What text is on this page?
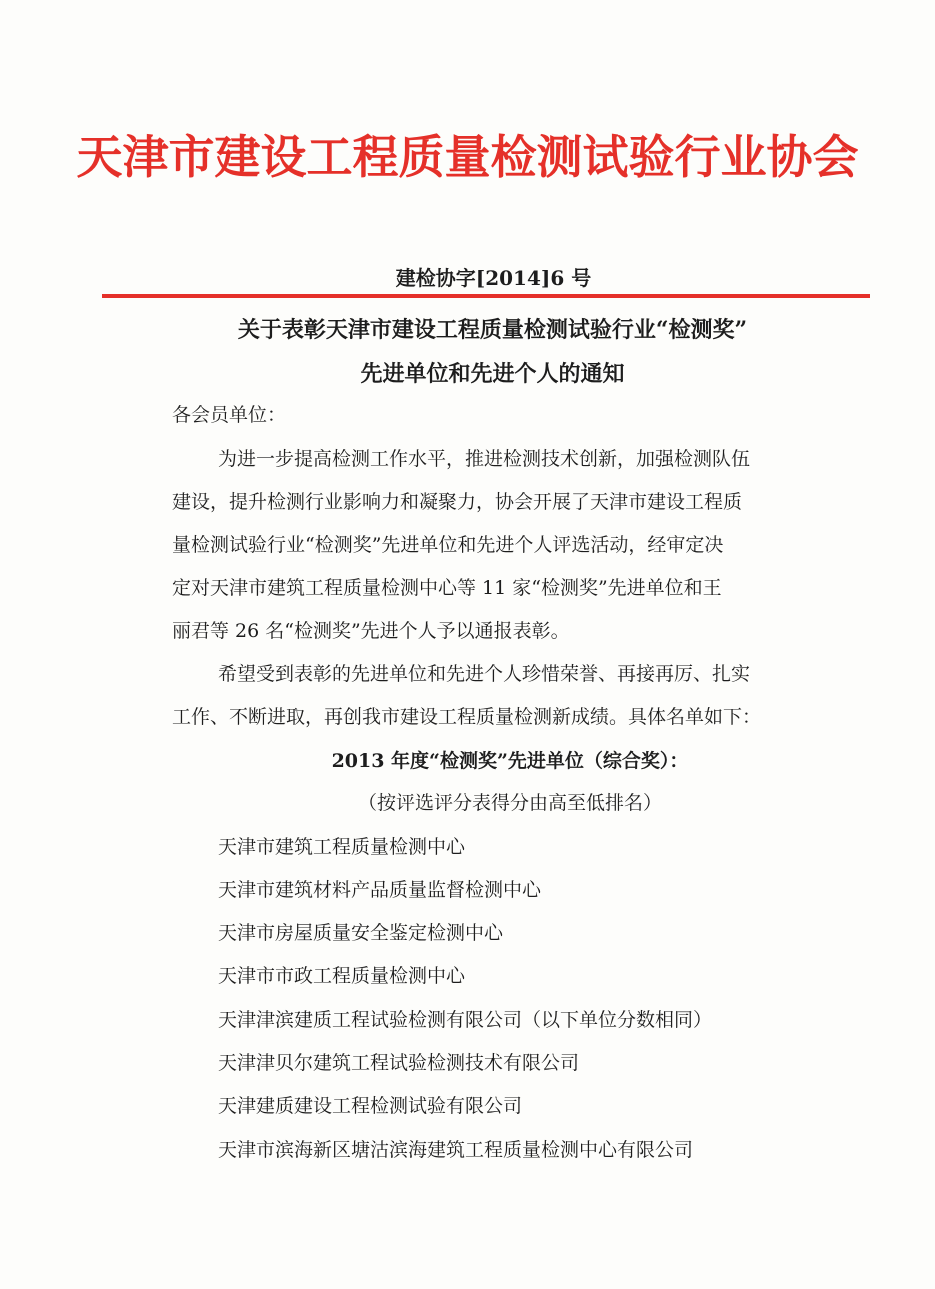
天津市建设工程质量检测试验行业协会
建检协字[2014]6 号
关于表彰天津市建设工程质量检测试验行业“检测奖”
先进单位和先进个人的通知
各会员单位：
为进一步提高检测工作水平，推进检测技术创新，加强检测队伍
建设，提升检测行业影响力和凝聚力，协会开展了天津市建设工程质
量检测试验行业“检测奖”先进单位和先进个人评选活动，经审定决
定对天津市建筑工程质量检测中心等 11 家“检测奖”先进单位和王
丽君等 26 名“检测奖”先进个人予以通报表彰。
希望受到表彰的先进单位和先进个人珍惜荣誉、再接再厉、扎实
工作、不断进取，再创我市建设工程质量检测新成绩。具体名单如下：
2013 年度“检测奖”先进单位（综合奖）：
（按评选评分表得分由高至低排名）
天津市建筑工程质量检测中心
天津市建筑材料产品质量监督检测中心
天津市房屋质量安全鉴定检测中心
天津市市政工程质量检测中心
天津津滨建质工程试验检测有限公司（以下单位分数相同）
天津津贝尔建筑工程试验检测技术有限公司
天津建质建设工程检测试验有限公司
天津市滨海新区塘沽滨海建筑工程质量检测中心有限公司
